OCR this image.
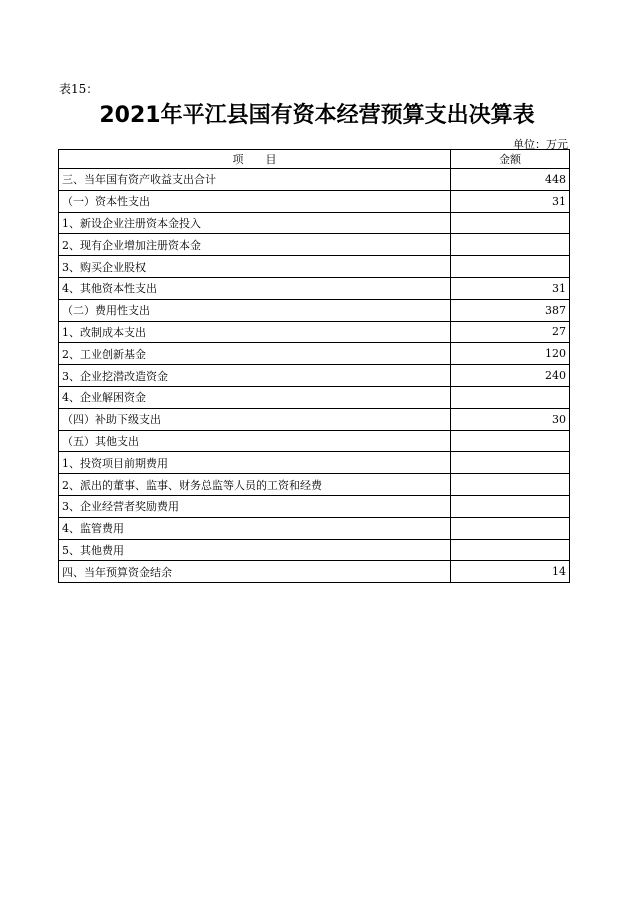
表15：
2021年平江县国有资本经营预算支出决算表
单位：万元
项　　目	金额
三、当年国有资产收益支出合计	448
（一）资本性支出	31
1、新设企业注册资本金投入	
2、现有企业增加注册资本金	
3、购买企业股权	
4、其他资本性支出	31
（二）费用性支出	387
1、改制成本支出	27
2、工业创新基金	120
3、企业挖潜改造资金	240
4、企业解困资金	
（四）补助下级支出	30
（五）其他支出	
1、投资项目前期费用	
2、派出的董事、监事、财务总监等人员的工资和经费	
3、企业经营者奖励费用	
4、监管费用	
5、其他费用	
四、当年预算资金结余	14
